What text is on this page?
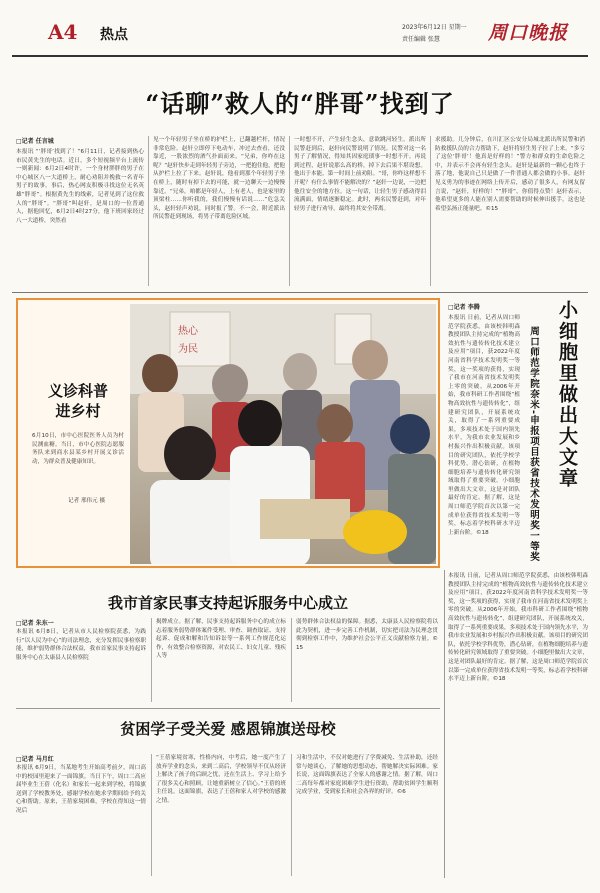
A4 热点	2023年6月12日 星期一
责任编辑 张慧	周口晚报
“话聊”救人的“胖哥”找到了
□记者 任言城
本报讯 “‘胖哥’找到了！”6月11日，记者接到热心市民黄先生的电话。近日，多个短视频平台上流传一则新闻：6月2日4时许，一个身材胖胖的男子在中心城区八一大道桥上，耐心劝阻并挽救一名青年男子的故事。事后，热心网友积极寻找这位无名英雄“胖哥”。根据黄先生的线索，记者见到了这位救人的“胖哥”。“胖哥”叫赵轩，是周口的一位普通人，据他回忆，6月2日4时27分，他下班回家经过八一大道桥，突然看
见一个年轻男子坐在桥的护栏上，已翻越栏杆，情况非常危险。赵轩立即停下电动车，冲过去查看，还没靠近，一股浓烈的酒气扑面而来。“兄弟，你咋在这呢？”赵轩快步走到年轻男子旁边，一把抱住他，把他从护栏上拉了下来。赵轩说，他看到那个年轻男子坐在桥上，随时有掉下去的可能，就一边聊天一边慢慢靠近。“兄弟，咱都是年轻人，上有老人，也是家里的顶梁柱……你听我的，我们慢慢有话说……”危急关头，赵轩轻声劝说，同时报了警。不一会，附近派出所民警赶到现场，将男子带离危险区域。
一时想不开，产生轻生念头，意欲跳河轻生。派出所民警赶到后，赵轩向民警说明了情况。民警对这一名男子了解情况，得知其因家庭琐事一时想不开。再说到过程，赵轩说那么高的桥，掉下去后果不堪设想。他出于本能，第一时间上前劝阻。“哥，你咋这样想不开呢？有什么事情不能解决的？”赵轩一边说，一边把他往安全的地方拉。这一句话，让轻生男子感动得泪流满面，情绪逐渐稳定。此时，两名民警赶到，对年轻男子进行劝导，最终将其安全带离。
求援助。几分钟后，在川汇区公安分局城北派出所民警和消防救援队员的合力帮助下，赵轩将轻生男子拉了上来。“多亏了这位‘胖哥’！他真是好样的！”警方和群众的生命危险之中，并表示不会再有轻生念头。赵轩是最新的一颗心也终于落了地，他说自己只是做了一件普通人都会做的小事。赵轩见义勇为的事迹在网络上传开后，感动了很多人，有网友留言说，“赵轩，好样的！”“胖哥”，你值得点赞！赵轩表示，他希望更多的人能在别人需要帮助的时候伸出援手，这也是希望弘扬正能量吧。©15
热心
为民
义诊科普
进乡村
6月10日，市中心医院医务人员为村民测血糖。当日，市中心医院志愿服务队来到商水县某乡村开展义诊活动，为群众普及健康知识。
记者 邢伟元 摄
小细胞里做出大文章
周口师范学院奈米-申报项目获省技术发明奖一等奖
□记者 李腾
本报讯 日前，记者从周口师范学院获悉，由该校韩明森教授团队主持完成的“植物高效抗性与遗传转化技术建立及应用”项目，获2022年度河南省科学技术发明奖一等奖，这一奖项的获得，实现了我市在河南省技术发明奖上零的突破。从2006年开始，我市科研工作者围绕“植物高效抗性与遗传转化”，组建研究团队，开展系统攻关，取得了一系列重要成果，多项技术处于国内领先水平，为我市农业发展和乡村振兴作出积极贡献。该项目的研究团队，依托学校学科优势，潜心钻研，在植物细胞培养与遗传转化研究领域取得了重要突破。小细胞里做出大文章，这是对团队最好的肯定。据了解，这是周口师范学院首次以第一完成单位获得省技术发明一等奖，标志着学校科研水平迈上新台阶。©18
本报讯 日前，记者从周口师范学院获悉，由该校韩明森教授团队主持完成的“植物高效抗性与遗传转化技术建立及应用”项目，获2022年度河南省科学技术发明奖一等奖，这一奖项的获得，实现了我市在河南省技术发明奖上零的突破。从2006年开始，我市科研工作者围绕“植物高效抗性与遗传转化”，组建研究团队，开展系统攻关，取得了一系列重要成果，多项技术处于国内领先水平，为我市农业发展和乡村振兴作出积极贡献。该项目的研究团队，依托学校学科优势，潜心钻研，在植物细胞培养与遗传转化研究领域取得了重要突破。小细胞里做出大文章，这是对团队最好的肯定。据了解，这是周口师范学院首次以第一完成单位获得省技术发明一等奖，标志着学校科研水平迈上新台阶。©18
我市首家民事支持起诉服务中心成立
□记者 朱东一
本报讯 6月8日，记者从市人民检察院获悉，为践行“以人民为中心”的司法理念，充分发挥民事检察职能，维护弱势群体合法权益，我市首家民事支持起诉服务中心在太康县人民检察院
揭牌成立。据了解，民事支持起诉服务中心的成立标志着服务弱势群体案件受理、审查、调查取证、支持起诉、促成和解和告知诉讼等一系列工作规范化运作，有效整合检察资源，对农民工、妇女儿童、残疾人等
弱势群体合法权益的保障。据悉，太康县人民检察院将以此为契机，进一步完善工作机制，切实把司法为民理念贯彻到检察工作中，为维护社会公平正义贡献检察力量。©15
贫困学子受关爱 感恩锦旗送母校
□记者 马月红
本报讯 6月9日，当某地考生开始高考前夕，周口高中的校园里迎来了一面锦旗。当日下午，周口二高应届毕业生王蓓（化名）和家长一起来到学校，将锦旗送到了学校教务处，感谢学校在她求学期间给予的关心和帮助。原来，王蓓家境困难，学校在得知这一情况后
“王蓓家境贫寒，性格内向，中考后，她一度产生了放弃学业的念头，来到二高后，学校领导不仅从经济上解决了孩子的后顾之忧，还在生活上、学习上给予了很多关心和照顾，让她重新树立了信心。”王蓓的班主任说。这面锦旗，表达了王蓓和家人对学校的感激之情。
习和生活中，不仅对她进行了学费减免、生活补助，还经常与她谈心，了解她的思想动态，帮她解决实际困难。家长说，这面锦旗表达了全家人的感谢之情。据了解，周口二高每年都对家庭困难学生进行资助，帮助贫困学生顺利完成学业，受到家长和社会各界的好评。©6
